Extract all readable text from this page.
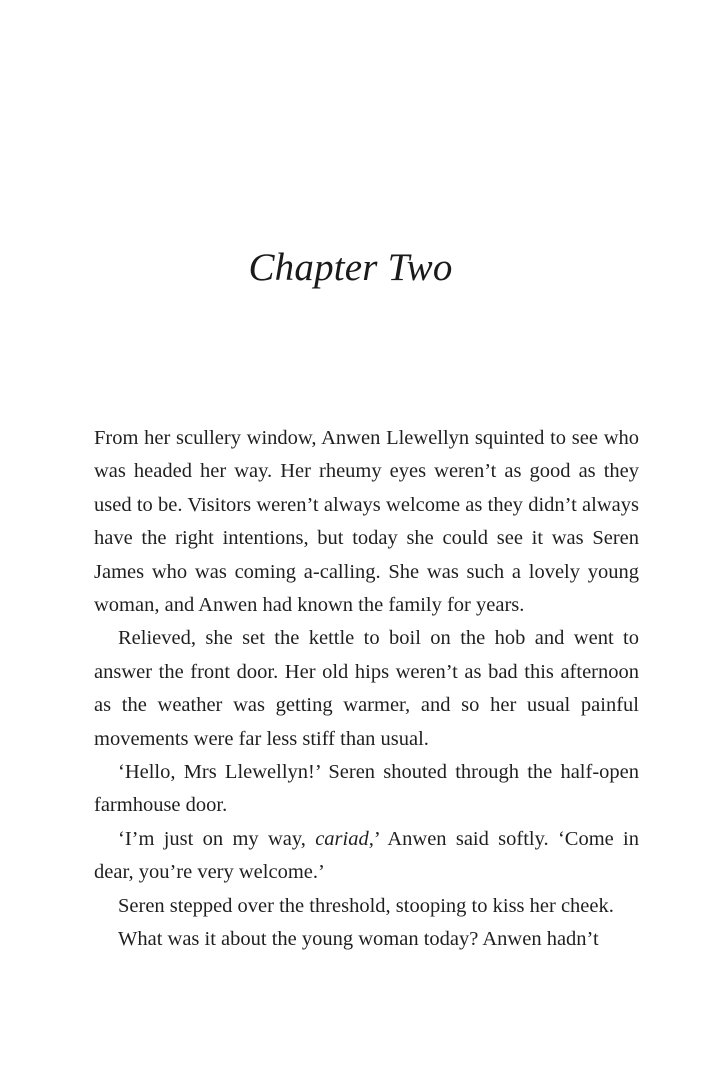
Chapter Two

From her scullery window, Anwen Llewellyn squinted to see who was headed her way. Her rheumy eyes weren’t as good as they used to be. Visitors weren’t always welcome as they didn’t always have the right intentions, but today she could see it was Seren James who was coming a-calling. She was such a lovely young woman, and Anwen had known the family for years.

Relieved, she set the kettle to boil on the hob and went to answer the front door. Her old hips weren’t as bad this afternoon as the weather was getting warmer, and so her usual painful movements were far less stiff than usual.

‘Hello, Mrs Llewellyn!’ Seren shouted through the half-open farmhouse door.

‘I’m just on my way, cariad,’ Anwen said softly. ‘Come in dear, you’re very welcome.’

Seren stepped over the threshold, stooping to kiss her cheek.

What was it about the young woman today? Anwen hadn’t
